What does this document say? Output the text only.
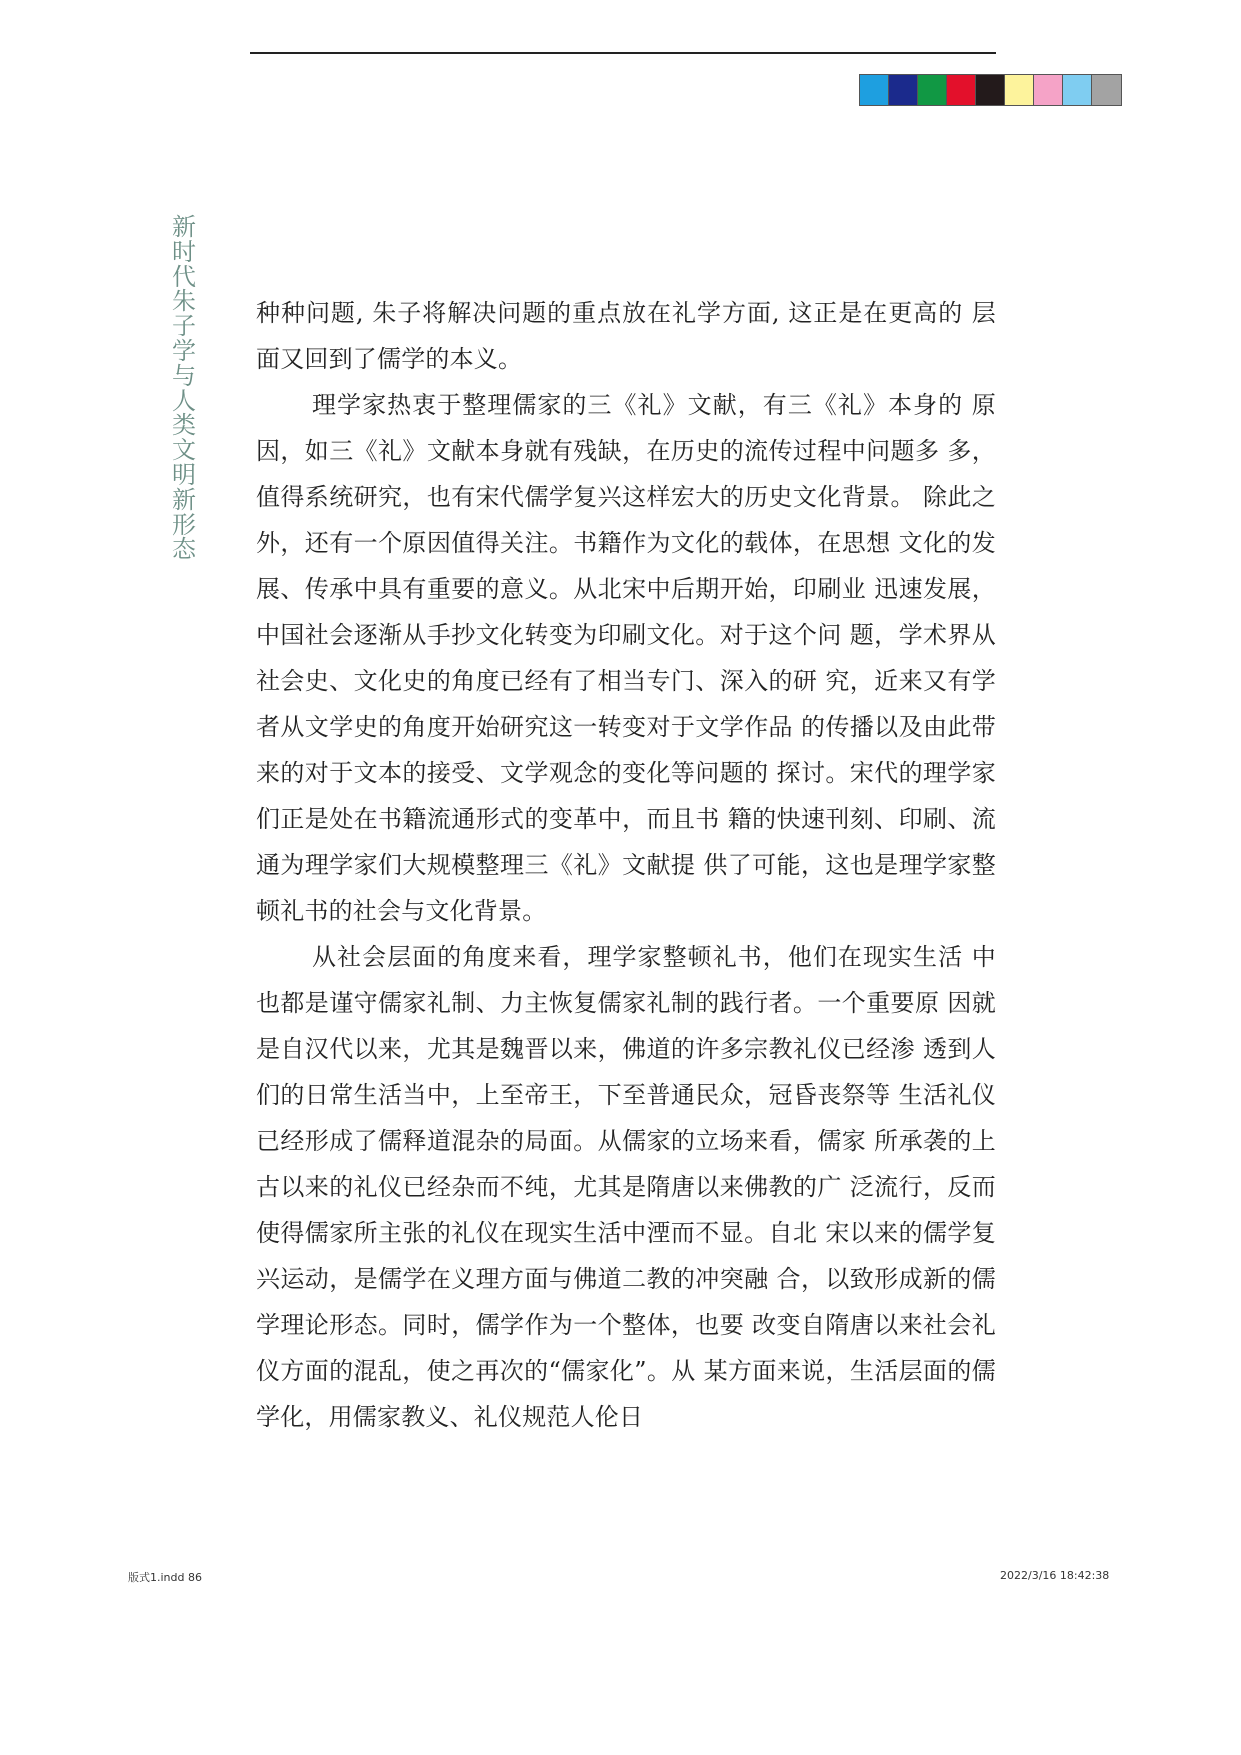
新时代朱子学与人类文明新形态

种种问题, 朱子将解决问题的重点放在礼学方面, 这正是在更高的 层面又回到了儒学的本义。

理学家热衷于整理儒家的三《礼》文献，有三《礼》本身的 原因，如三《礼》文献本身就有残缺，在历史的流传过程中问题多 多，值得系统研究，也有宋代儒学复兴这样宏大的历史文化背景。 除此之外，还有一个原因值得关注。书籍作为文化的载体，在思想 文化的发展、传承中具有重要的意义。从北宋中后期开始，印刷业 迅速发展，中国社会逐渐从手抄文化转变为印刷文化。对于这个问 题，学术界从社会史、文化史的角度已经有了相当专门、深入的研 究，近来又有学者从文学史的角度开始研究这一转变对于文学作品 的传播以及由此带来的对于文本的接受、文学观念的变化等问题的 探讨。宋代的理学家们正是处在书籍流通形式的变革中，而且书 籍的快速刊刻、印刷、流通为理学家们大规模整理三《礼》文献提 供了可能，这也是理学家整顿礼书的社会与文化背景。

从社会层面的角度来看，理学家整顿礼书，他们在现实生活 中也都是谨守儒家礼制、力主恢复儒家礼制的践行者。一个重要原 因就是自汉代以来，尤其是魏晋以来，佛道的许多宗教礼仪已经渗 透到人们的日常生活当中，上至帝王，下至普通民众，冠昏丧祭等 生活礼仪已经形成了儒释道混杂的局面。从儒家的立场来看，儒家 所承袭的上古以来的礼仪已经杂而不纯，尤其是隋唐以来佛教的广 泛流行，反而使得儒家所主张的礼仪在现实生活中湮而不显。自北 宋以来的儒学复兴运动，是儒学在义理方面与佛道二教的冲突融 合，以致形成新的儒学理论形态。同时，儒学作为一个整体，也要 改变自隋唐以来社会礼仪方面的混乱，使之再次的“儒家化”。从 某方面来说，生活层面的儒学化，用儒家教义、礼仪规范人伦日

版式1.indd 86	2022/3/16 18:42:38
